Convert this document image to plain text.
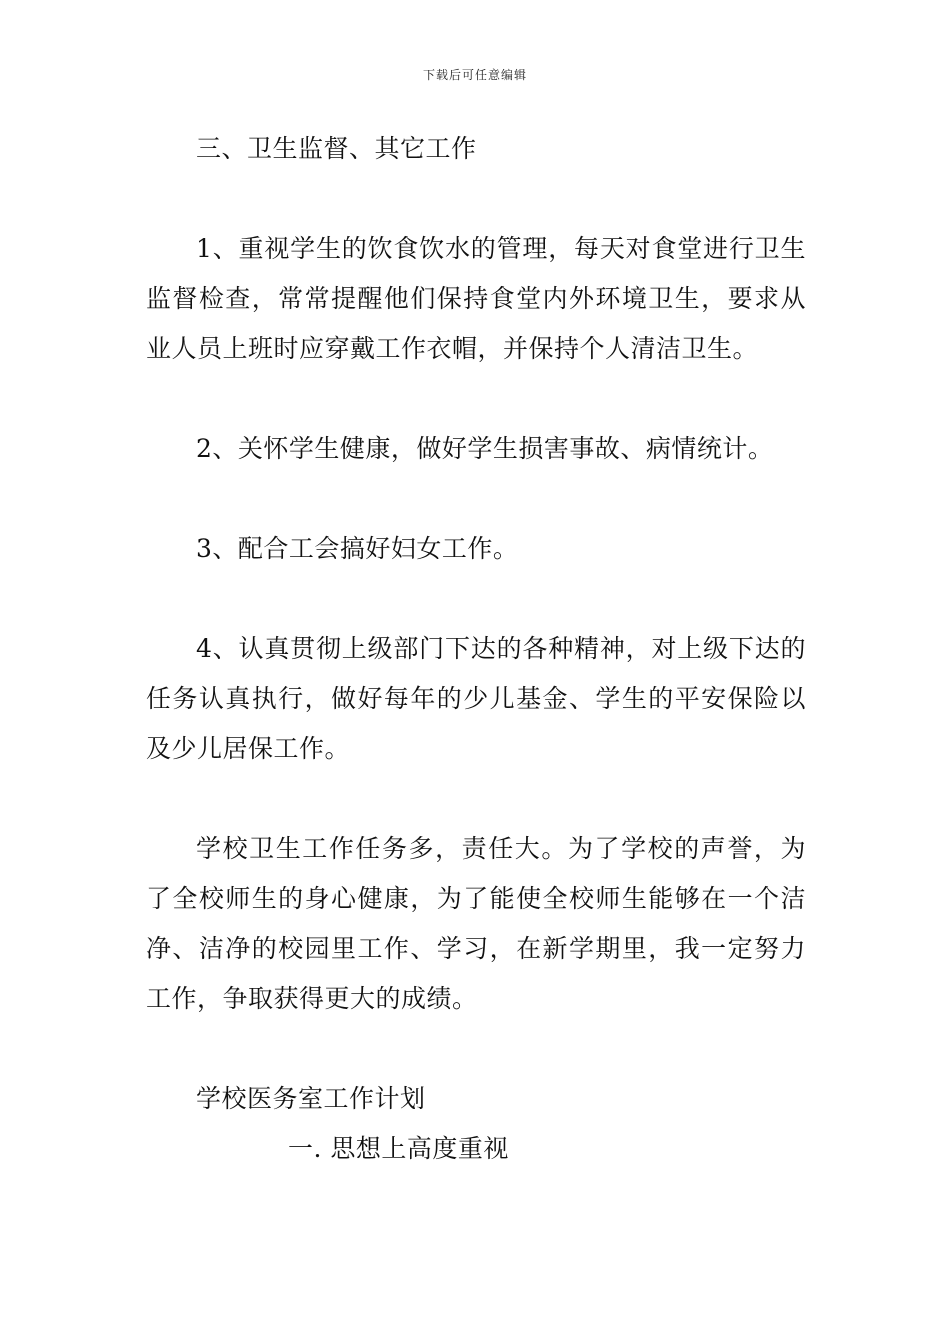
下载后可任意编辑

三、卫生监督、其它工作

1、重视学生的饮食饮水的管理，每天对食堂进行卫生监督检查，常常提醒他们保持食堂内外环境卫生，要求从业人员上班时应穿戴工作衣帽，并保持个人清洁卫生。

2、关怀学生健康，做好学生损害事故、病情统计。

3、配合工会搞好妇女工作。

4、认真贯彻上级部门下达的各种精神，对上级下达的任务认真执行，做好每年的少儿基金、学生的平安保险以及少儿居保工作。

学校卫生工作任务多，责任大。为了学校的声誉，为了全校师生的身心健康，为了能使全校师生能够在一个洁净、洁净的校园里工作、学习，在新学期里，我一定努力工作，争取获得更大的成绩。

学校医务室工作计划

一. 思想上高度重视
